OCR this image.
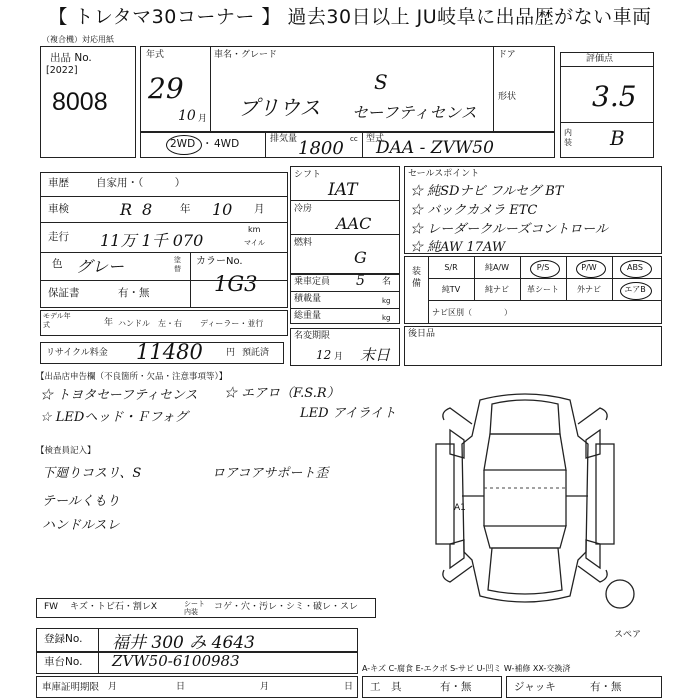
【 トレタマ30コーナー 】 過去30日以上 JU岐阜に出品歴がない車両
（複合機）対応用紙
出品 No.
[2022]
8008
年式
29
10 月
車名・グレード
プリウス
S
セーフティセンス
ドア
形状
2WD ・ 4WD	排気量 1800 cc 型式
DAA - ZVW50
評価点
3.5
内装 B
車歴	自家用・（　　　）
車検	R 8	年 10 月
走行 11万 1千 070
km
マイル
色 グレー	塗替
保証書	有・無
カラーNo.
1G3
モデル年式	年 ハンドル　左・右 ディーラー・並行
リサイクル料金 11480	円 預託済
シフト
IAT
冷房
AAC
燃料
G
乗車定員 5 名
積載量	kg
総重量	kg
名変期限
12 月 末日
セールスポイント
☆ 純SDナビ フルセグ BT
☆ バックカメラ ETC
☆ レーダークルーズコントロール
☆ 純AW 17AW
装備
S/R	純A/W	P/S	P/W	ABS
純TV	純ナビ	革シート	外ナビ	エアB
ナビ区別（　　　　）
後日品
【出品店申告欄（不良箇所・欠品・注意事項等）】
☆ トヨタセーフティセンス ☆ エアロ（F.S.R）
☆ LEDヘッド・Ｆフォグ	LED アイライト
【検査員記入】
下廻りコスリ、S	ロアコアサポート歪
テールくもり
ハンドルスレ
A1
スペア
FW キズ・トビ石・割レX	シート内装	コゲ・穴・汚レ・シミ・破レ・スレ
登録No. 福井 300 み 4643
車台No. ZVW50-6100983	A-キズ C-腐食 E-エクボ S-サビ U-凹ミ W-補修 XX-交換済
車庫証明期限 月	日	月	日 工　具	有・無	ジャッキ	有・無
